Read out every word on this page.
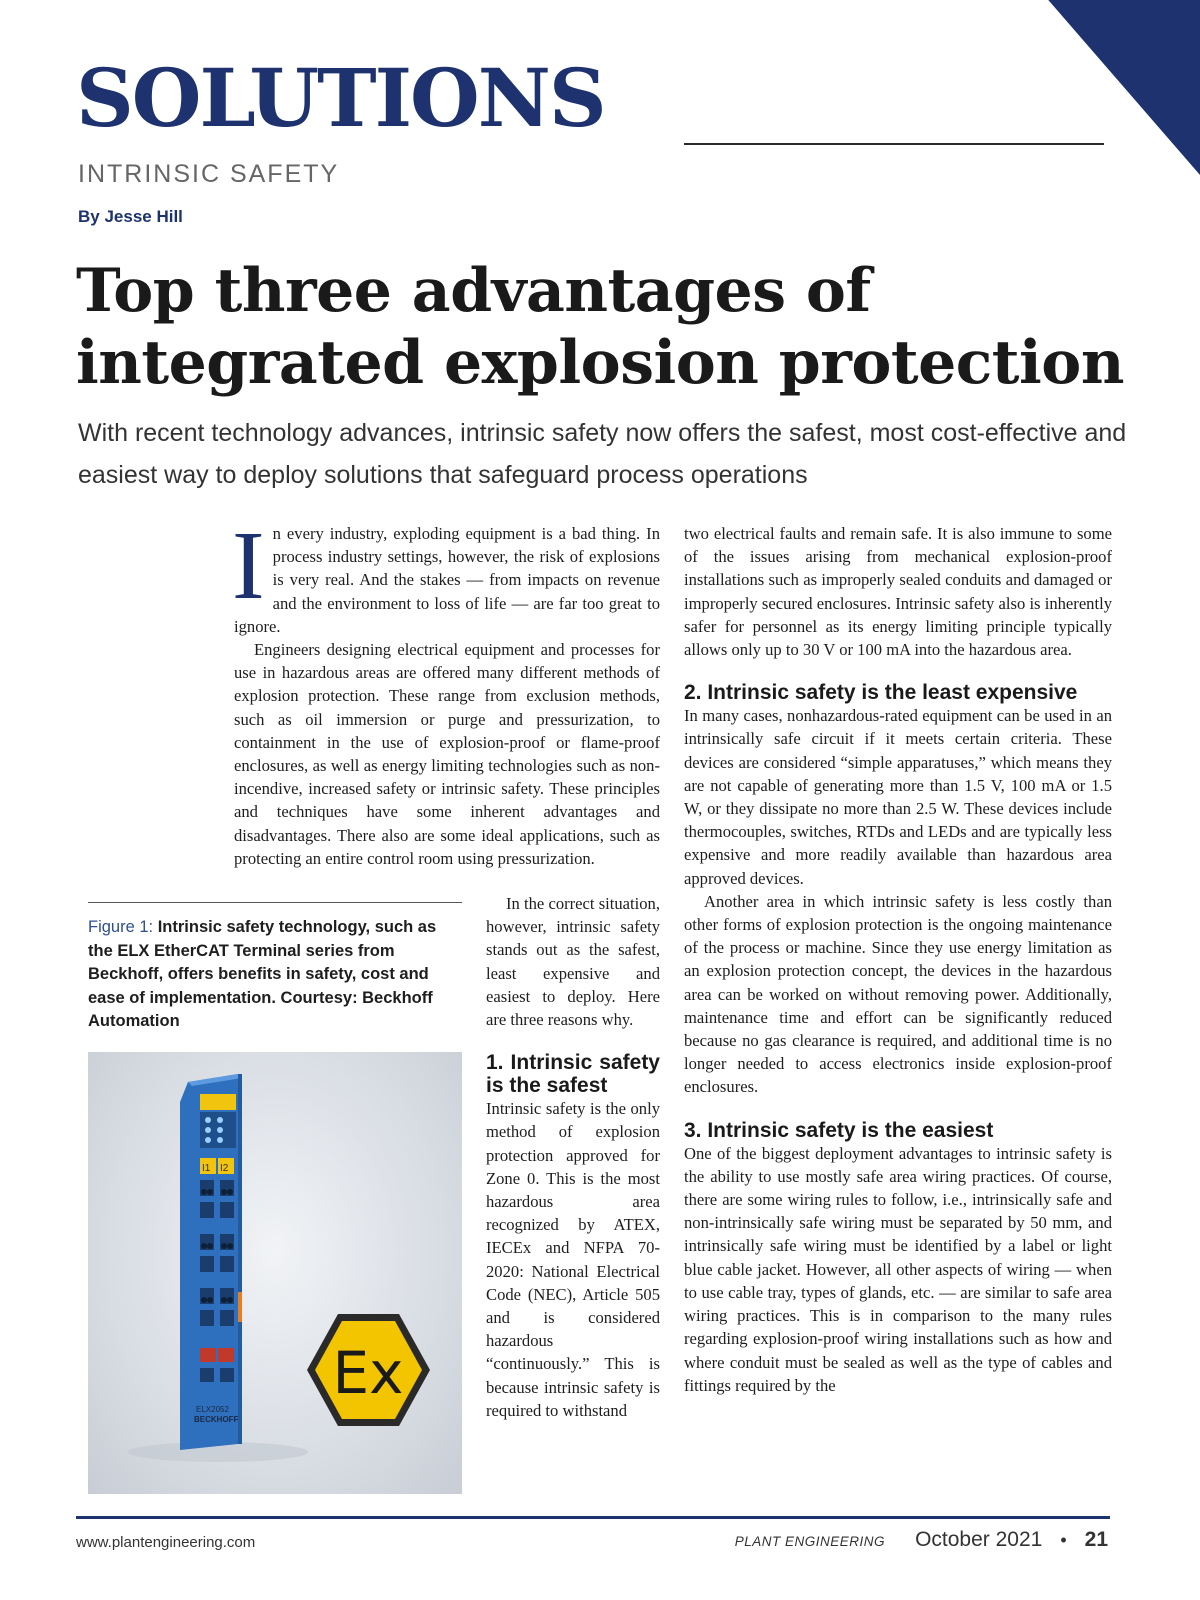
SOLUTIONS
INTRINSIC SAFETY
By Jesse Hill
Top three advantages of integrated explosion protection

With recent technology advances, intrinsic safety now offers the safest, most cost-effective and easiest way to deploy solutions that safeguard process operations

In every industry, exploding equipment is a bad thing. In process industry settings, however, the risk of explosions is very real. And the stakes — from impacts on revenue and the environment to loss of life — are far too great to ignore.

Engineers designing electrical equipment and processes for use in hazardous areas are offered many different methods of explosion protection. These range from exclusion methods, such as oil immersion or purge and pressurization, to containment in the use of explosion-proof or flame-proof enclosures, as well as energy limiting technologies such as non-incendive, increased safety or intrinsic safety. These principles and techniques have some inherent advantages and disadvantages. There also are some ideal applications, such as protecting an entire control room using pressurization.

In the correct situation, however, intrinsic safety stands out as the safest, least expensive and easiest to deploy. Here are three reasons why.

1. Intrinsic safety is the safest

Intrinsic safety is the only method of explosion protection approved for Zone 0. This is the most hazardous area recognized by ATEX, IECEx and NFPA 70-2020: National Electrical Code (NEC), Article 505 and is considered hazardous “continuously.” This is because intrinsic safety is required to withstand

two electrical faults and remain safe. It is also immune to some of the issues arising from mechanical explosion-proof installations such as improperly sealed conduits and damaged or improperly secured enclosures. Intrinsic safety also is inherently safer for personnel as its energy limiting principle typically allows only up to 30 V or 100 mA into the hazardous area.

2. Intrinsic safety is the least expensive

In many cases, nonhazardous-rated equipment can be used in an intrinsically safe circuit if it meets certain criteria. These devices are considered “simple apparatuses,” which means they are not capable of generating more than 1.5 V, 100 mA or 1.5 W, or they dissipate no more than 2.5 W. These devices include thermocouples, switches, RTDs and LEDs and are typically less expensive and more readily available than hazardous area approved devices.

Another area in which intrinsic safety is less costly than other forms of explosion protection is the ongoing maintenance of the process or machine. Since they use energy limitation as an explosion protection concept, the devices in the hazardous area can be worked on without removing power. Additionally, maintenance time and effort can be significantly reduced because no gas clearance is required, and additional time is no longer needed to access electronics inside explosion-proof enclosures.

3. Intrinsic safety is the easiest

One of the biggest deployment advantages to intrinsic safety is the ability to use mostly safe area wiring practices. Of course, there are some wiring rules to follow, i.e., intrinsically safe and non-intrinsically safe wiring must be separated by 50 mm, and intrinsically safe wiring must be identified by a label or light blue cable jacket. However, all other aspects of wiring — when to use cable tray, types of glands, etc. — are similar to safe area wiring practices. This is in comparison to the many rules regarding explosion-proof wiring installations such as how and where conduit must be sealed as well as the type of cables and fittings required by the

Figure 1: Intrinsic safety technology, such as the ELX EtherCAT Terminal series from Beckhoff, offers benefits in safety, cost and ease of implementation. Courtesy: Beckhoff Automation

I1 I2
ELX2052
BECKHOFF
Ex
www.plantengineering.com	PLANT ENGINEERING October 2021 • 21
